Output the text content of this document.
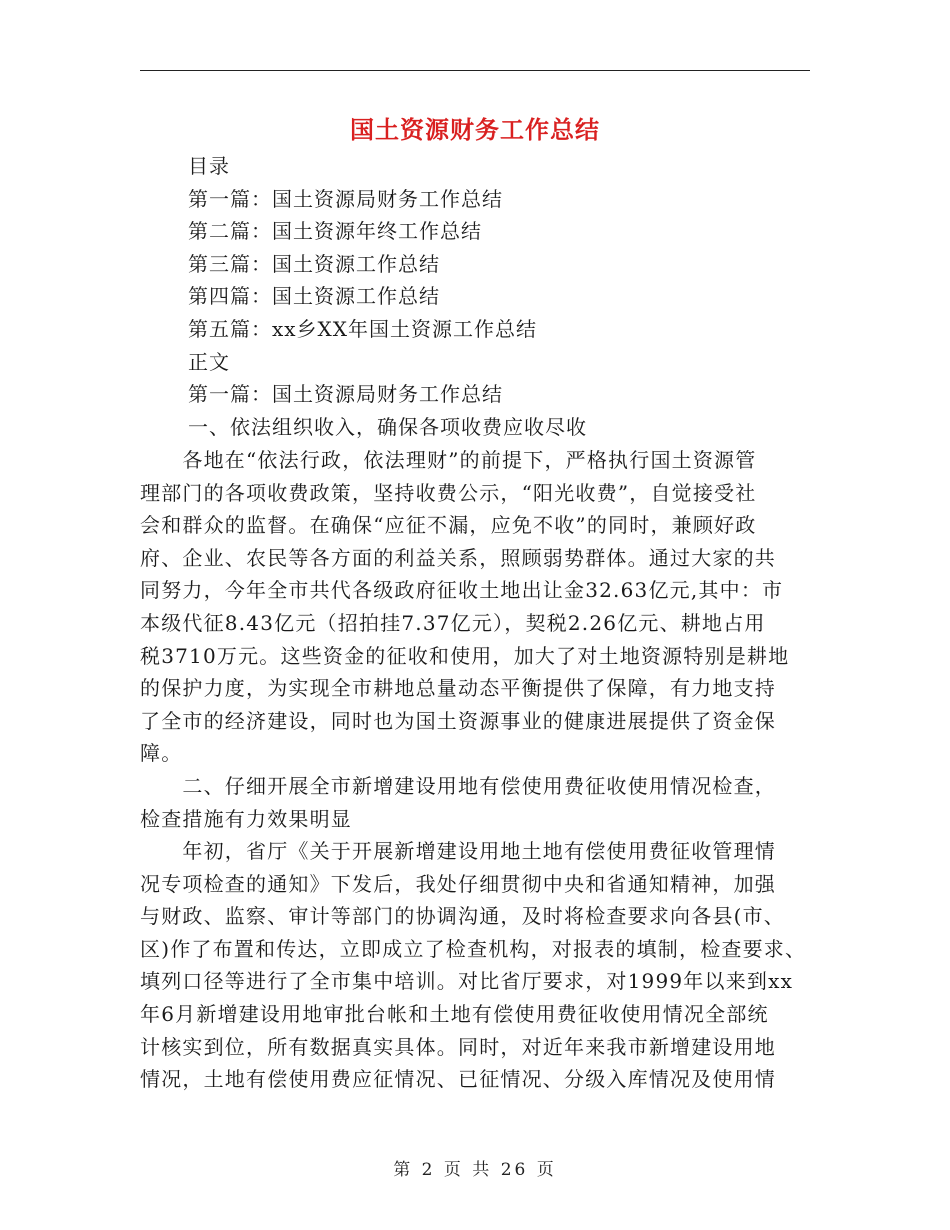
国土资源财务工作总结
目录
第一篇：国土资源局财务工作总结
第二篇：国土资源年终工作总结
第三篇：国土资源工作总结
第四篇：国土资源工作总结
第五篇：xx乡XX年国土资源工作总结
正文
第一篇：国土资源局财务工作总结
一、依法组织收入，确保各项收费应收尽收
　　各地在“依法行政，依法理财”的前提下，严格执行国土资源管
理部门的各项收费政策，坚持收费公示，“阳光收费”，自觉接受社
会和群众的监督。在确保“应征不漏，应免不收”的同时，兼顾好政
府、企业、农民等各方面的利益关系，照顾弱势群体。通过大家的共
同努力，今年全市共代各级政府征收土地出让金32.63亿元,其中：市
本级代征8.43亿元（招拍挂7.37亿元），契税2.26亿元、耕地占用
税3710万元。这些资金的征收和使用，加大了对土地资源特别是耕地
的保护力度，为实现全市耕地总量动态平衡提供了保障，有力地支持
了全市的经济建设，同时也为国土资源事业的健康进展提供了资金保
障。
　　二、仔细开展全市新增建设用地有偿使用费征收使用情况检查，
检查措施有力效果明显
　　年初，省厅《关于开展新增建设用地土地有偿使用费征收管理情
况专项检查的通知》下发后，我处仔细贯彻中央和省通知精神，加强
与财政、监察、审计等部门的协调沟通，及时将检查要求向各县(市、
区)作了布置和传达，立即成立了检查机构，对报表的填制，检查要求、
填列口径等进行了全市集中培训。对比省厅要求，对1999年以来到xx
年6月新增建设用地审批台帐和土地有偿使用费征收使用情况全部统
计核实到位，所有数据真实具体。同时，对近年来我市新增建设用地
情况，土地有偿使用费应征情况、已征情况、分级入库情况及使用情
第 2 页 共 26 页
